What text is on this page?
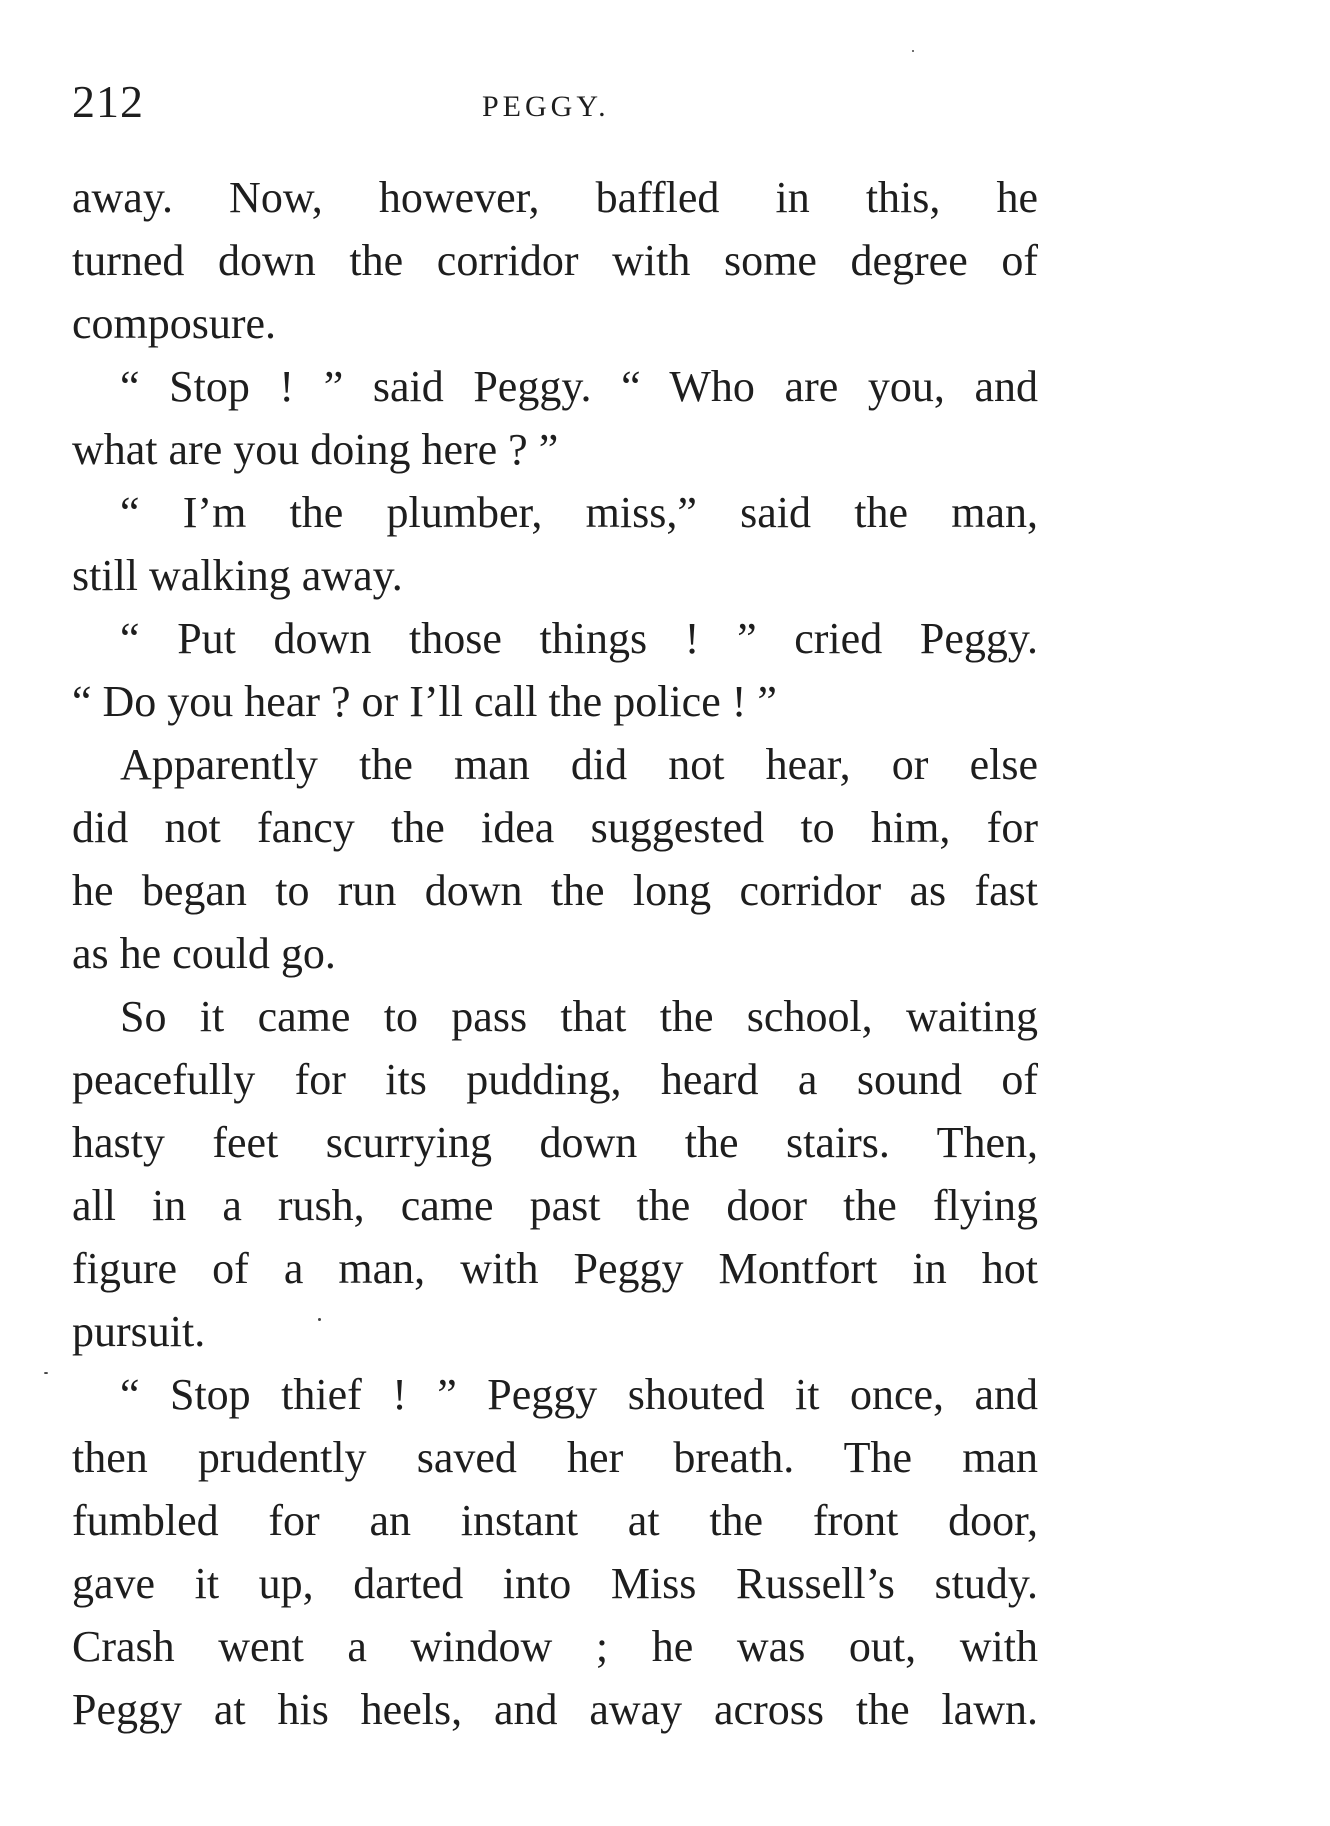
212	PEGGY.
away. Now, however, baffled in this, he
turned down the corridor with some degree of
composure.
“ Stop ! ” said Peggy. “ Who are you, and
what are you doing here ? ”
“ I’m the plumber, miss,” said the man,
still walking away.
“ Put down those things ! ” cried Peggy.
“ Do you hear ? or I’ll call the police ! ”
Apparently the man did not hear, or else
did not fancy the idea suggested to him, for
he began to run down the long corridor as fast
as he could go.
So it came to pass that the school, waiting
peacefully for its pudding, heard a sound of
hasty feet scurrying down the stairs. Then,
all in a rush, came past the door the flying
figure of a man, with Peggy Montfort in hot
pursuit.
“ Stop thief ! ” Peggy shouted it once, and
then prudently saved her breath. The man
fumbled for an instant at the front door,
gave it up, darted into Miss Russell’s study.
Crash went a window ; he was out, with
Peggy at his heels, and away across the lawn.
